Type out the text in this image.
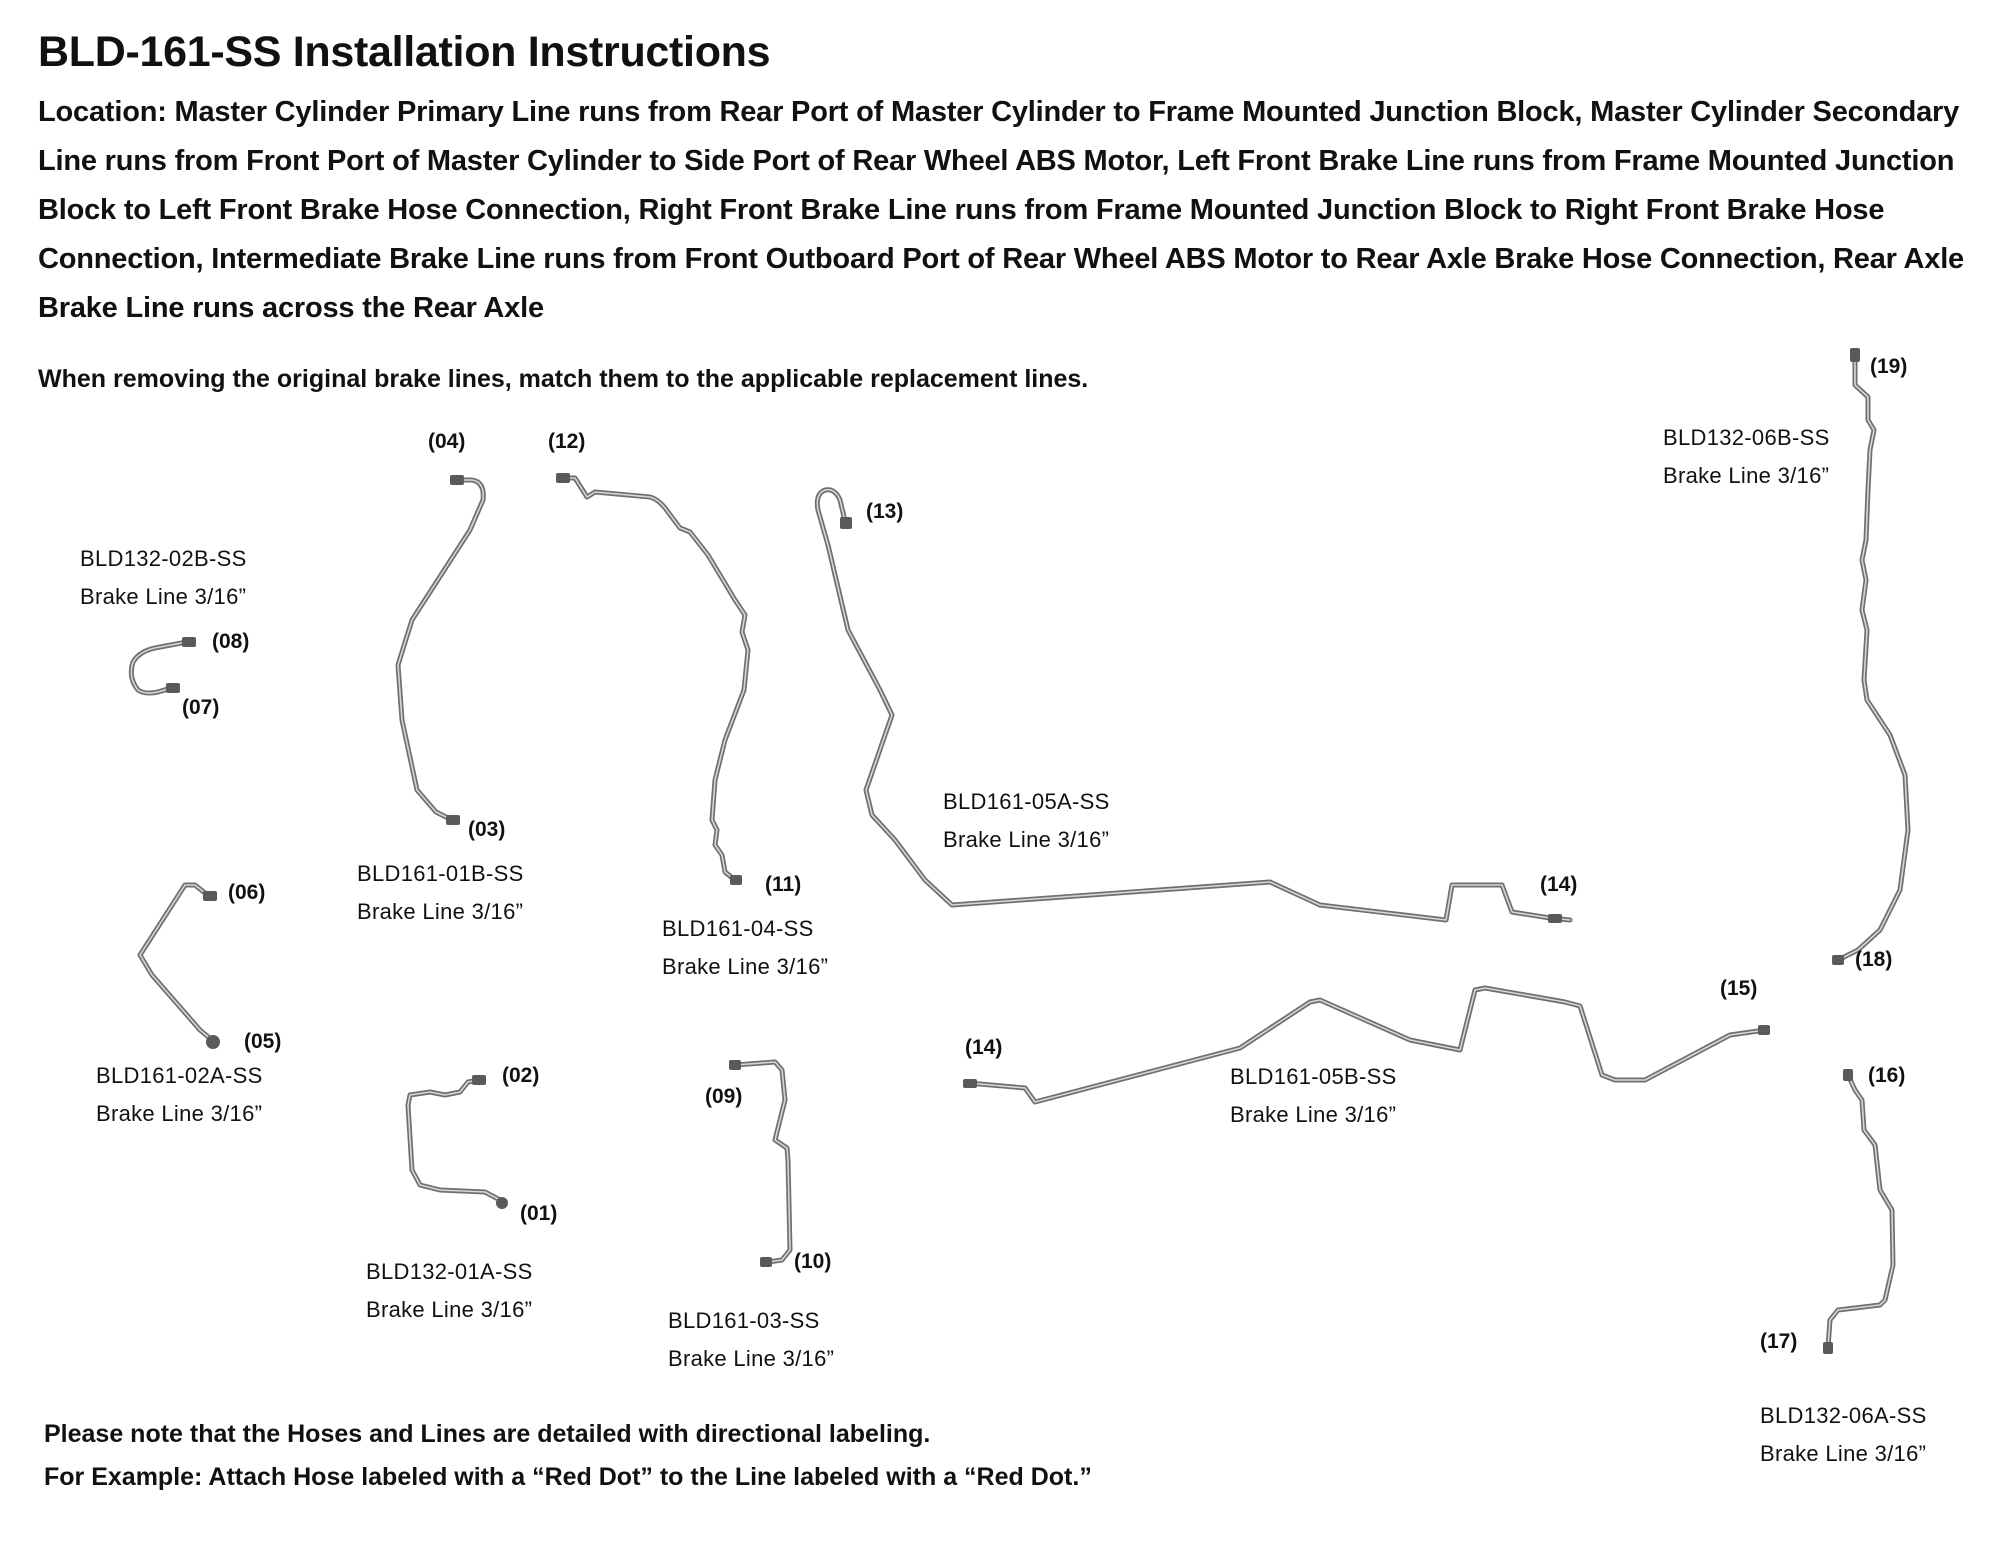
BLD-161-SS Installation Instructions
Location: Master Cylinder Primary Line runs from Rear Port of Master Cylinder to Frame Mounted Junction Block, Master Cylinder Secondary Line runs from Front Port of Master Cylinder to Side Port of Rear Wheel ABS Motor, Left Front Brake Line runs from Frame Mounted Junction Block to Left Front Brake Hose Connection, Right Front Brake Line runs from Frame Mounted Junction Block to Right Front Brake Hose Connection, Intermediate Brake Line runs from Front Outboard Port of Rear Wheel ABS Motor to Rear Axle Brake Hose Connection, Rear Axle Brake Line runs across the Rear Axle
When removing the original brake lines, match them to the applicable replacement lines.
BLD132-02B-SS
Brake Line 3/16”
BLD161-01B-SS
Brake Line 3/16”
BLD161-04-SS
Brake Line 3/16”
BLD161-05A-SS
Brake Line 3/16”
BLD132-06B-SS
Brake Line 3/16”
BLD161-02A-SS
Brake Line 3/16”
BLD132-01A-SS
Brake Line 3/16”	BLD161-03-SS
Brake Line 3/16”
BLD161-05B-SS
Brake Line 3/16”
BLD132-06A-SS
Brake Line 3/16”
(01)
(02)
(03)
(04)
(05)
(06)
(07)
(08)
(09)
(10)
(11)
(12)
(13)
(14)
(14)
(15)
(16)
(17)
(18)
(19)
Please note that the Hoses and Lines are detailed with directional labeling.
For Example: Attach Hose labeled with a “Red Dot” to the Line labeled with a “Red Dot.”
